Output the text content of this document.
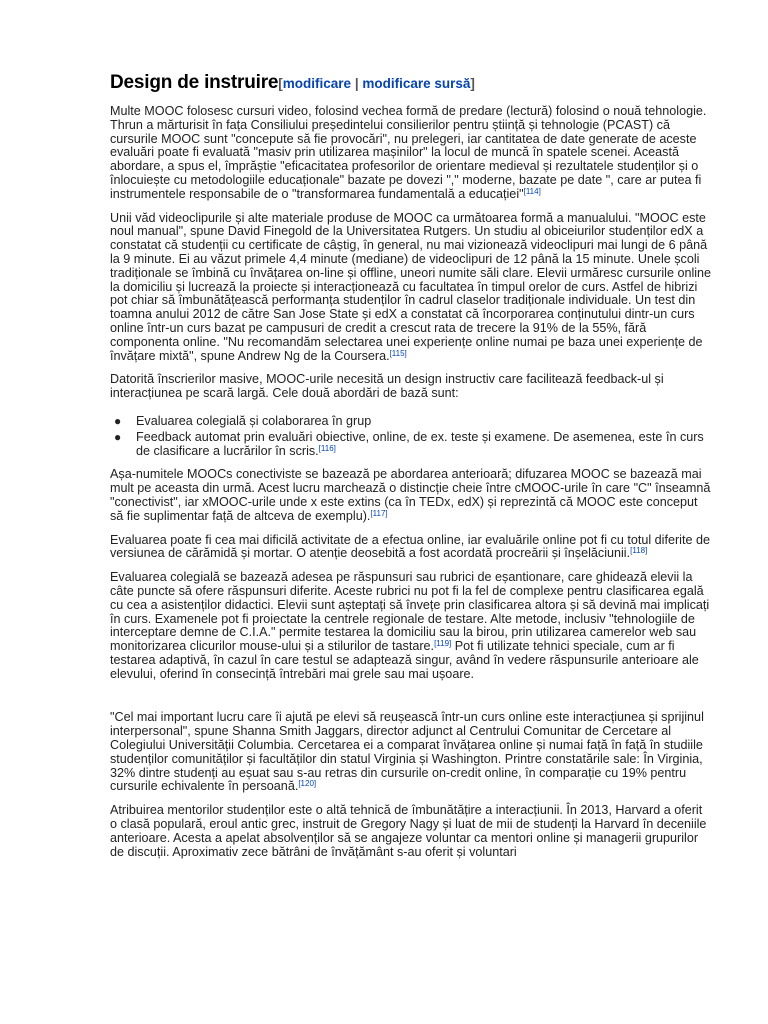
Design de instruire[modificare | modificare sursă]

Multe MOOC folosesc cursuri video, folosind vechea formă de predare (lectură) folosind o nouă tehnologie. Thrun a mărturisit în fața Consiliului președintelui consilierilor pentru știință și tehnologie (PCAST) că cursurile MOOC sunt "concepute să fie provocări", nu prelegeri, iar cantitatea de date generate de aceste evaluări poate fi evaluată "masiv prin utilizarea mașinilor" la locul de muncă în spatele scenei. Această abordare, a spus el, împrăștie "eficacitatea profesorilor de orientare medieval și rezultatele studenților și o înlocuiește cu metodologiile educaționale" bazate pe dovezi "," moderne, bazate pe date ", care ar putea fi instrumentele responsabile de o "transformarea fundamentală a educației"[114]

Unii văd videoclipurile și alte materiale produse de MOOC ca următoarea formă a manualului. "MOOC este noul manual", spune David Finegold de la Universitatea Rutgers. Un studiu al obiceiurilor studenților edX a constatat că studenții cu certificate de câștig, în general, nu mai vizionează videoclipuri mai lungi de 6 până la 9 minute. Ei au văzut primele 4,4 minute (mediane) de videoclipuri de 12 până la 15 minute. Unele școli tradiționale se îmbină cu învățarea on-line și offline, uneori numite săli clare. Elevii urmăresc cursurile online la domiciliu și lucrează la proiecte și interacționează cu facultatea în timpul orelor de curs. Astfel de hibrizi pot chiar să îmbunătățească performanța studenților în cadrul claselor tradiționale individuale. Un test din toamna anului 2012 de către San Jose State și edX a constatat că încorporarea conținutului dintr-un curs online într-un curs bazat pe campusuri de credit a crescut rata de trecere la 91% de la 55%, fără componenta online. "Nu recomandăm selectarea unei experiențe online numai pe baza unei experiențe de învățare mixtă", spune Andrew Ng de la Coursera.[115]

Datorită înscrierilor masive, MOOC-urile necesită un design instructiv care facilitează feedback-ul și interacțiunea pe scară largă. Cele două abordări de bază sunt:

● Evaluarea colegială și colaborarea în grup
● Feedback automat prin evaluări obiective, online, de ex. teste și examene. De asemenea, este în curs de clasificare a lucrărilor în scris.[116]

Așa-numitele MOOCs conectiviste se bazează pe abordarea anterioară; difuzarea MOOC se bazează mai mult pe aceasta din urmă. Acest lucru marchează o distincție cheie între cMOOC-urile în care "C" înseamnă "conectivist", iar xMOOC-urile unde x este extins (ca în TEDx, edX) și reprezintă că MOOC este conceput să fie suplimentar față de altceva de exemplu).[117]

Evaluarea poate fi cea mai dificilă activitate de a efectua online, iar evaluările online pot fi cu totul diferite de versiunea de cărămidă și mortar. O atenție deosebită a fost acordată procreării și înșelăciunii.[118]

Evaluarea colegială se bazează adesea pe răspunsuri sau rubrici de eșantionare, care ghidează elevii la câte puncte să ofere răspunsuri diferite. Aceste rubrici nu pot fi la fel de complexe pentru clasificarea egală cu cea a asistenților didactici. Elevii sunt așteptați să învețe prin clasificarea altora și să devină mai implicați în curs. Examenele pot fi proiectate la centrele regionale de testare. Alte metode, inclusiv "tehnologiile de interceptare demne de C.I.A." permite testarea la domiciliu sau la birou, prin utilizarea camerelor web sau monitorizarea clicurilor mouse-ului și a stilurilor de tastare.[119] Pot fi utilizate tehnici speciale, cum ar fi testarea adaptivă, în cazul în care testul se adaptează singur, având în vedere răspunsurile anterioare ale elevului, oferind în consecință întrebări mai grele sau mai ușoare.

"Cel mai important lucru care îi ajută pe elevi să reușească într-un curs online este interacțiunea și sprijinul interpersonal", spune Shanna Smith Jaggars, director adjunct al Centrului Comunitar de Cercetare al Colegiului Universității Columbia. Cercetarea ei a comparat învățarea online și numai față în față în studiile studenților comunităților și facultăților din statul Virginia și Washington. Printre constatările sale: În Virginia, 32% dintre studenți au eșuat sau s-au retras din cursurile on-credit online, în comparație cu 19% pentru cursurile echivalente în persoană.[120]

Atribuirea mentorilor studenților este o altă tehnică de îmbunătățire a interacțiunii. În 2013, Harvard a oferit o clasă populară, eroul antic grec, instruit de Gregory Nagy și luat de mii de studenți la Harvard în deceniile anterioare. Acesta a apelat absolvenților să se angajeze voluntar ca mentori online și managerii grupurilor de discuții. Aproximativ zece bătrâni de învățământ s-au oferit și voluntari
